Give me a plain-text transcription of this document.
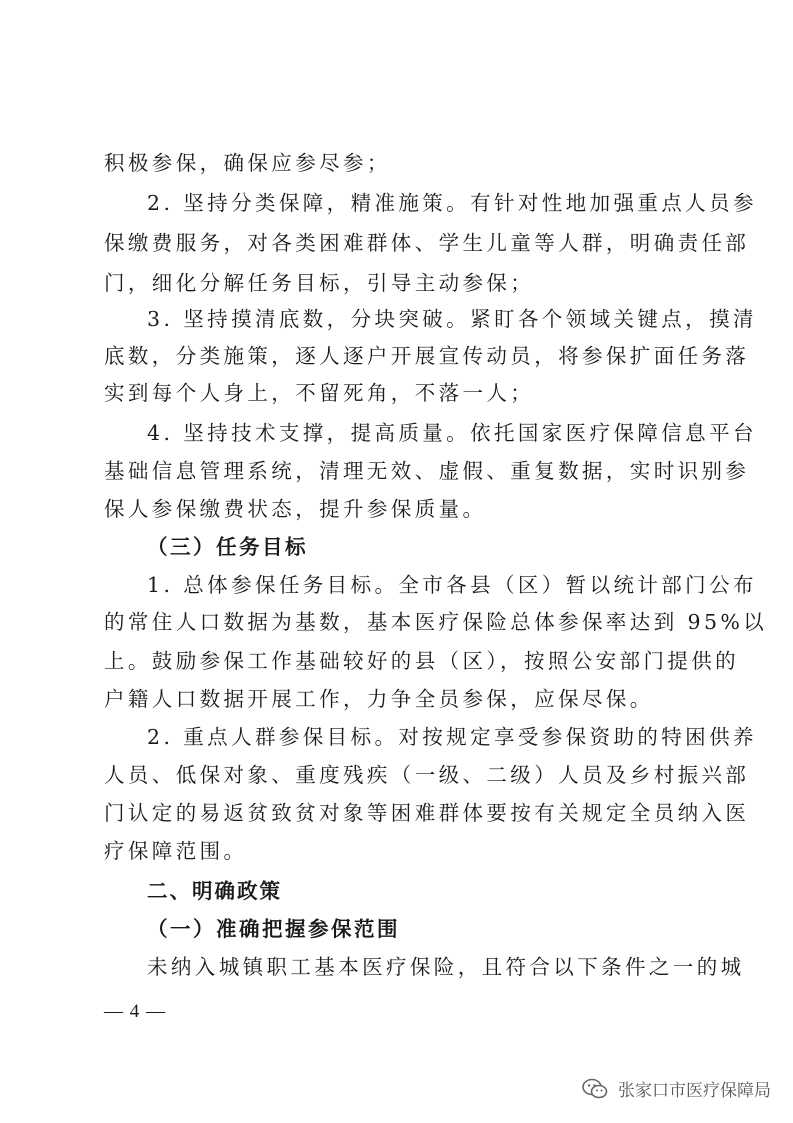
积极参保，确保应参尽参；
2. 坚持分类保障，精准施策。有针对性地加强重点人员参
保缴费服务，对各类困难群体、学生儿童等人群，明确责任部
门，细化分解任务目标，引导主动参保；
3. 坚持摸清底数，分块突破。紧盯各个领域关键点，摸清
底数，分类施策，逐人逐户开展宣传动员，将参保扩面任务落
实到每个人身上，不留死角，不落一人；
4. 坚持技术支撑，提高质量。依托国家医疗保障信息平台
基础信息管理系统，清理无效、虚假、重复数据，实时识别参
保人参保缴费状态，提升参保质量。
（三）任务目标
1. 总体参保任务目标。全市各县（区）暂以统计部门公布
的常住人口数据为基数，基本医疗保险总体参保率达到 95%以
上。鼓励参保工作基础较好的县（区），按照公安部门提供的
户籍人口数据开展工作，力争全员参保，应保尽保。
2. 重点人群参保目标。对按规定享受参保资助的特困供养
人员、低保对象、重度残疾（一级、二级）人员及乡村振兴部
门认定的易返贫致贫对象等困难群体要按有关规定全员纳入医
疗保障范围。
二、明确政策
（一）准确把握参保范围
未纳入城镇职工基本医疗保险，且符合以下条件之一的城
— 4 —
张家口市医疗保障局
